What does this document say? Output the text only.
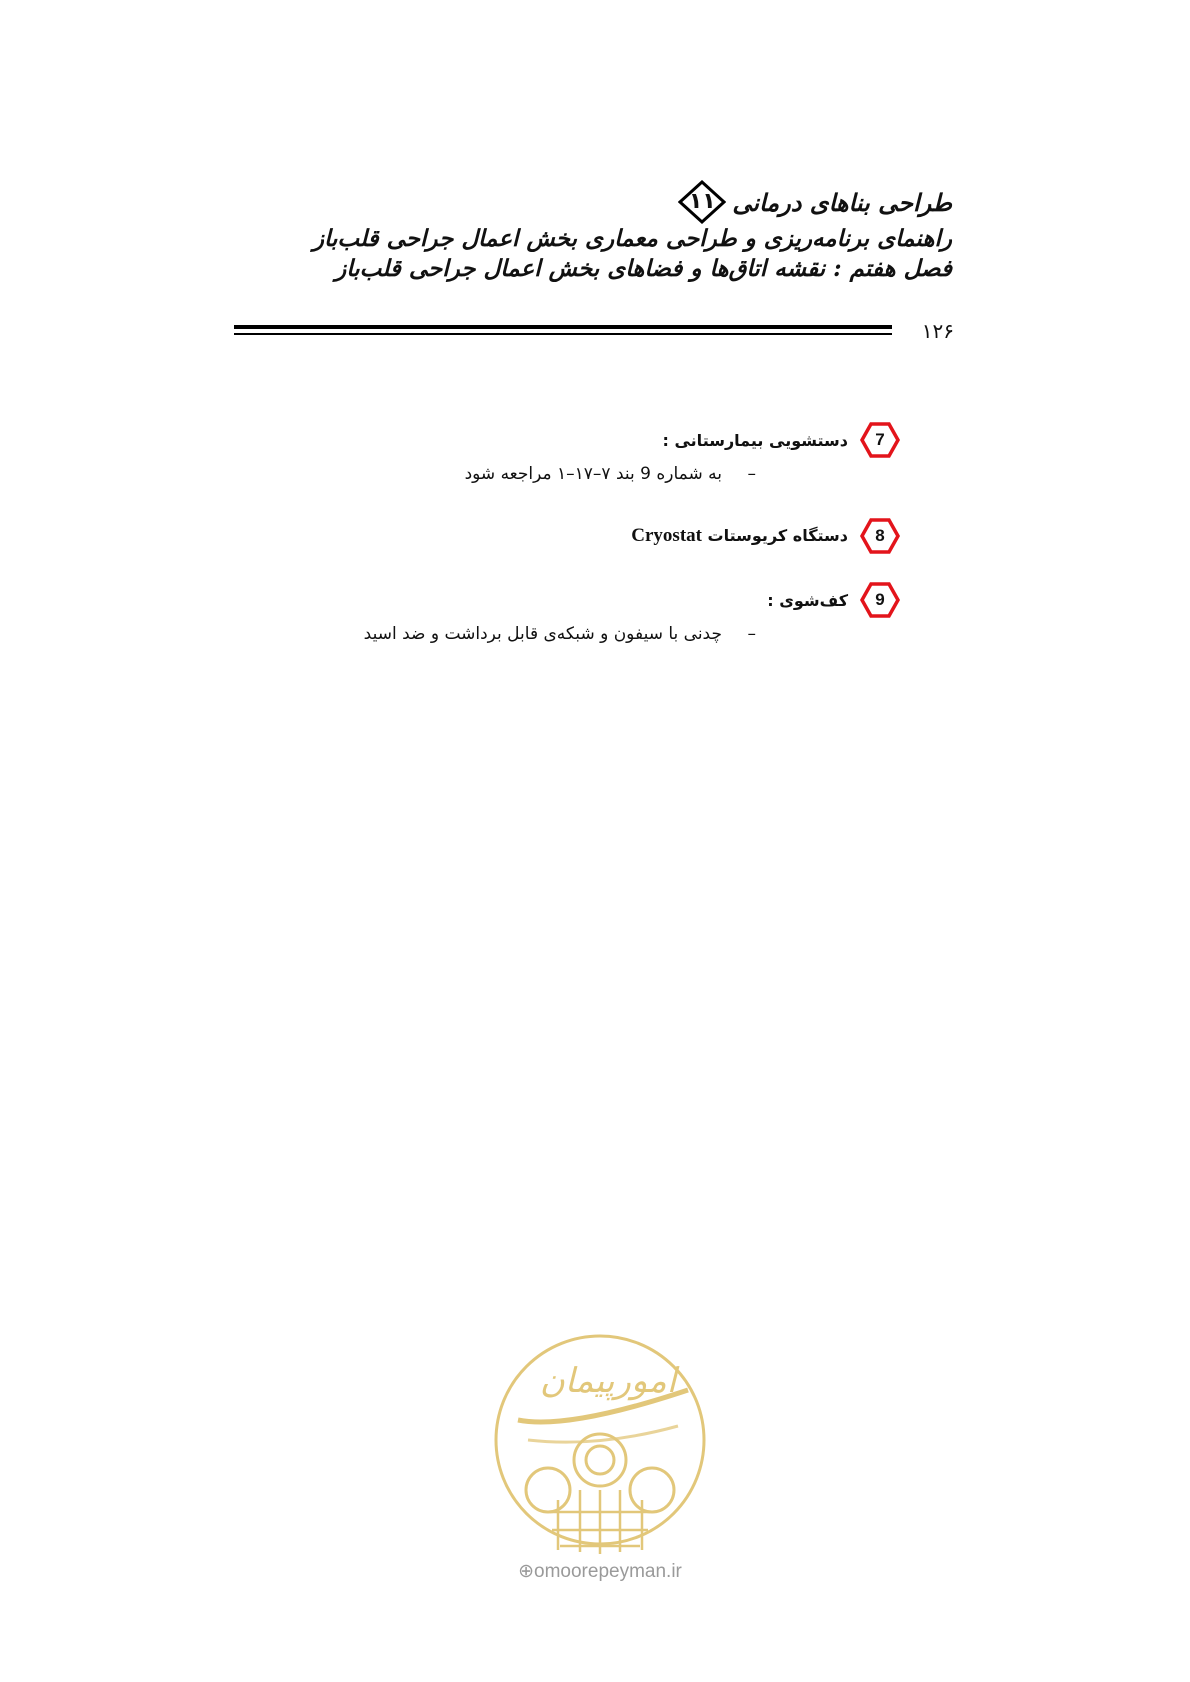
طراحی بناهای درمانی
۱۱
راهنمای برنامه‌ریزی و طراحی معماری بخش اعمال جراحی قلب‌باز
فصل هفتم : نقشه اتاق‌ها و فضاهای بخش اعمال جراحی قلب‌باز
۱۲۶
7
دستشویی بیمارستانی :
–به شماره 9 بند ۷–۱۷–۱ مراجعه شود
8
دستگاه کریوستات Cryostat
9
کف‌شوی :
–چدنی با سیفون و شبکه‌ی قابل برداشت و ضد اسید
امورپیمان
⊕omoorepeyman.ir
